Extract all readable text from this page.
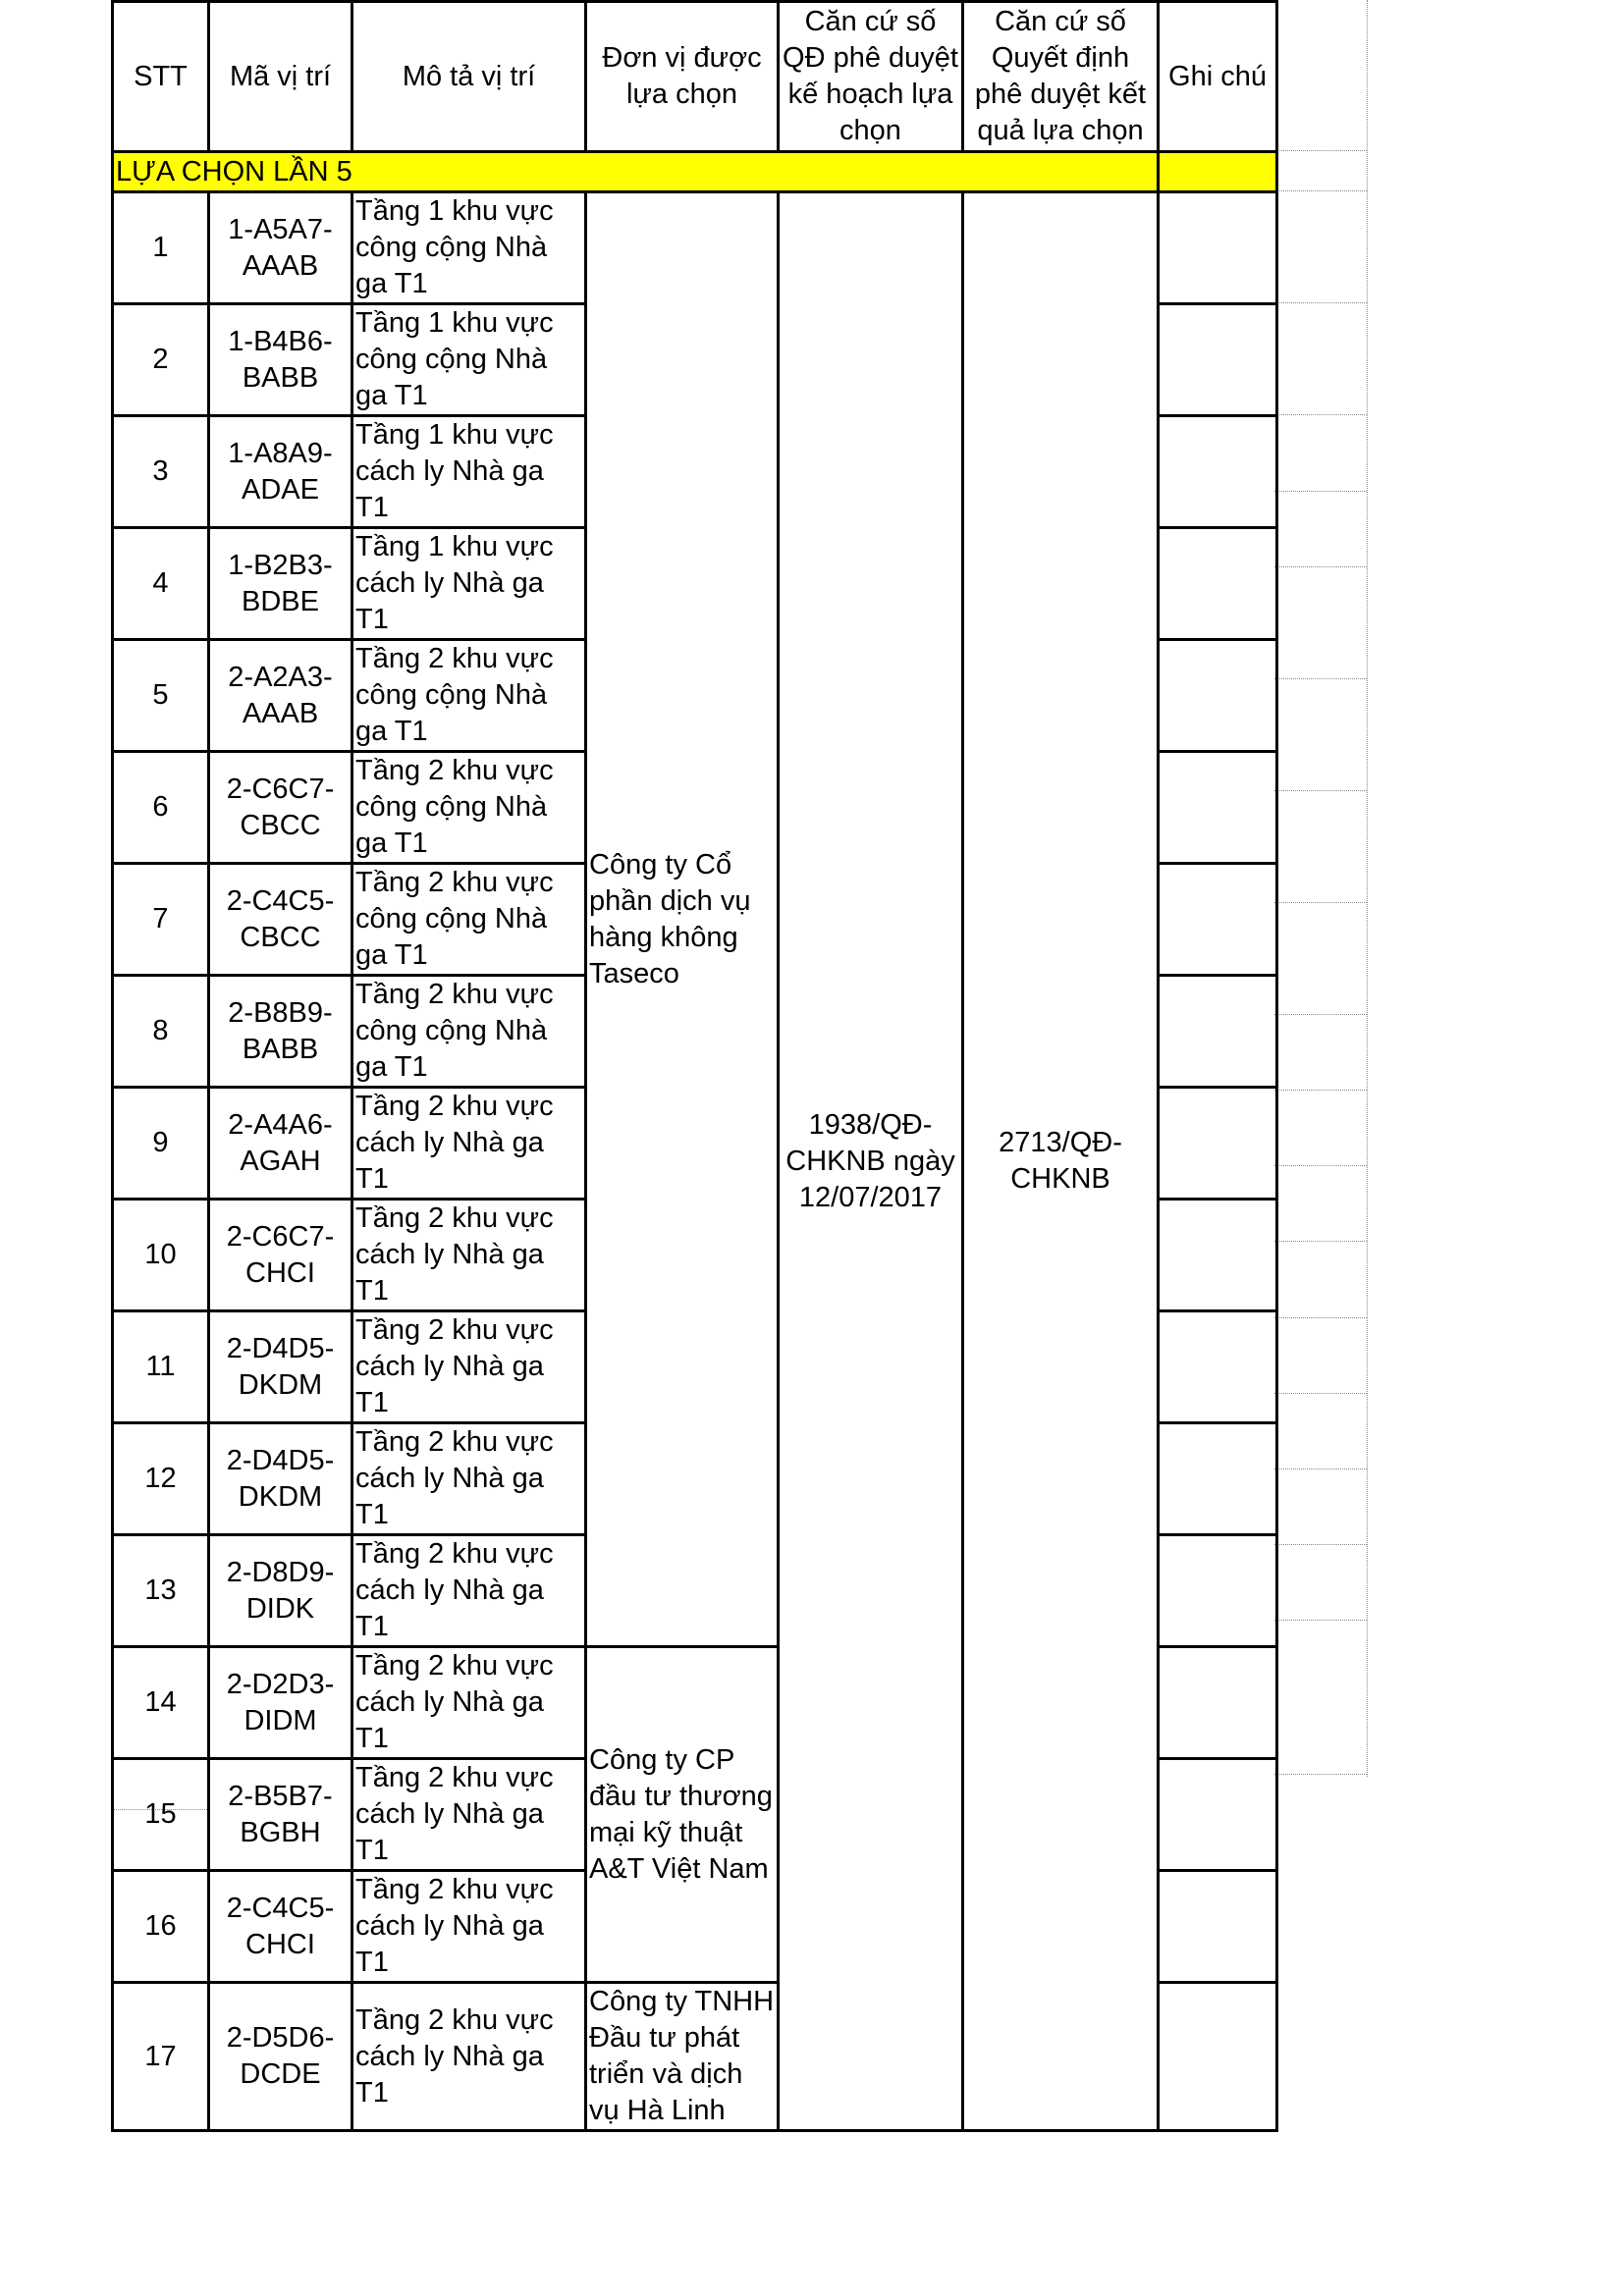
STT	Mã vị trí	Mô tả vị trí	Đơn vị được lựa chọn	Căn cứ số QĐ phê duyệt kế hoạch lựa chọn	Căn cứ số Quyết định phê duyệt kết quả lựa chọn	Ghi chú
LỰA CHỌN LẦN 5						
1	1-A5A7-AAAB	Tầng 1 khu vực công cộng Nhà ga T1	Công ty Cổ phần dịch vụ hàng không Taseco	1938/QĐ-CHKNB ngày 12/07/2017	2713/QĐ-CHKNB	
2	1-B4B6-BABB	Tầng 1 khu vực công cộng Nhà ga T1				
3	1-A8A9-ADAE	Tầng 1 khu vực cách ly Nhà ga T1				
4	1-B2B3-BDBE	Tầng 1 khu vực cách ly Nhà ga T1				
5	2-A2A3-AAAB	Tầng 2 khu vực công cộng Nhà ga T1				
6	2-C6C7-CBCC	Tầng 2 khu vực công cộng Nhà ga T1				
7	2-C4C5-CBCC	Tầng 2 khu vực công cộng Nhà ga T1				
8	2-B8B9-BABB	Tầng 2 khu vực công cộng Nhà ga T1				
9	2-A4A6-AGAH	Tầng 2 khu vực cách ly Nhà ga T1				
10	2-C6C7-CHCI	Tầng 2 khu vực cách ly Nhà ga T1				
11	2-D4D5-DKDM	Tầng 2 khu vực cách ly Nhà ga T1				
12	2-D4D5-DKDM	Tầng 2 khu vực cách ly Nhà ga T1				
13	2-D8D9-DIDK	Tầng 2 khu vực cách ly Nhà ga T1				
14	2-D2D3-DIDM	Tầng 2 khu vực cách ly Nhà ga T1	Công ty CP đầu tư thương mại kỹ thuật A&T Việt Nam			
15	2-B5B7-BGBH	Tầng 2 khu vực cách ly Nhà ga T1				
16	2-C4C5-CHCI	Tầng 2 khu vực cách ly Nhà ga T1				
17	2-D5D6-DCDE	Tầng 2 khu vực cách ly Nhà ga T1	Công ty TNHH Đầu tư phát triển và dịch vụ Hà Linh			
